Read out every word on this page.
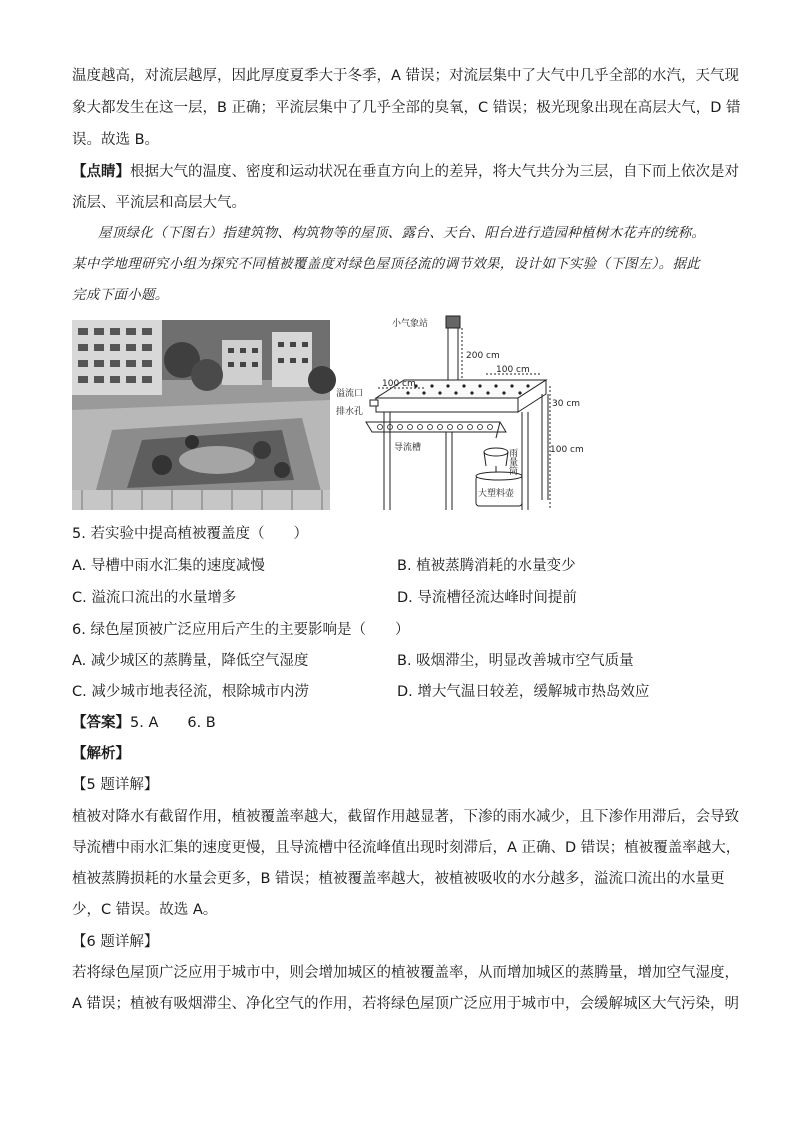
温度越高，对流层越厚，因此厚度夏季大于冬季，A 错误；对流层集中了大气中几乎全部的水汽，天气现
象大都发生在这一层，B 正确；平流层集中了几乎全部的臭氧，C 错误；极光现象出现在高层大气，D 错
误。故选 B。
【点睛】根据大气的温度、密度和运动状况在垂直方向上的差异，将大气共分为三层，自下而上依次是对
流层、平流层和高层大气。
屋顶绿化（下图右）指建筑物、构筑物等的屋顶、露台、天台、阳台进行造园种植树木花卉的统称。
某中学地理研究小组为探究不同植被覆盖度对绿色屋顶径流的调节效果，设计如下实验（下图左）。据此
完成下面小题。
小气象站
200 cm
100 cm
100 cm
溢流口
排水孔
30 cm
100 cm
导流槽	雨量筒
大塑料壶
5. 若实验中提高植被覆盖度（　　）
A. 导槽中雨水汇集的速度减慢	B. 植被蒸腾消耗的水量变少
C. 溢流口流出的水量增多	D. 导流槽径流达峰时间提前
6. 绿色屋顶被广泛应用后产生的主要影响是（　　）
A. 减少城区的蒸腾量，降低空气湿度	B. 吸烟滞尘，明显改善城市空气质量
C. 减少城市地表径流，根除城市内涝	D. 增大气温日较差，缓解城市热岛效应
【答案】5. A　　6. B
【解析】
【5 题详解】
植被对降水有截留作用，植被覆盖率越大，截留作用越显著，下渗的雨水减少，且下渗作用滞后，会导致
导流槽中雨水汇集的速度更慢，且导流槽中径流峰值出现时刻滞后，A 正确、D 错误；植被覆盖率越大，
植被蒸腾损耗的水量会更多，B 错误；植被覆盖率越大，被植被吸收的水分越多，溢流口流出的水量更
少，C 错误。故选 A。
【6 题详解】
若将绿色屋顶广泛应用于城市中，则会增加城区的植被覆盖率，从而增加城区的蒸腾量，增加空气湿度，
A 错误；植被有吸烟滞尘、净化空气的作用，若将绿色屋顶广泛应用于城市中，会缓解城区大气污染，明
